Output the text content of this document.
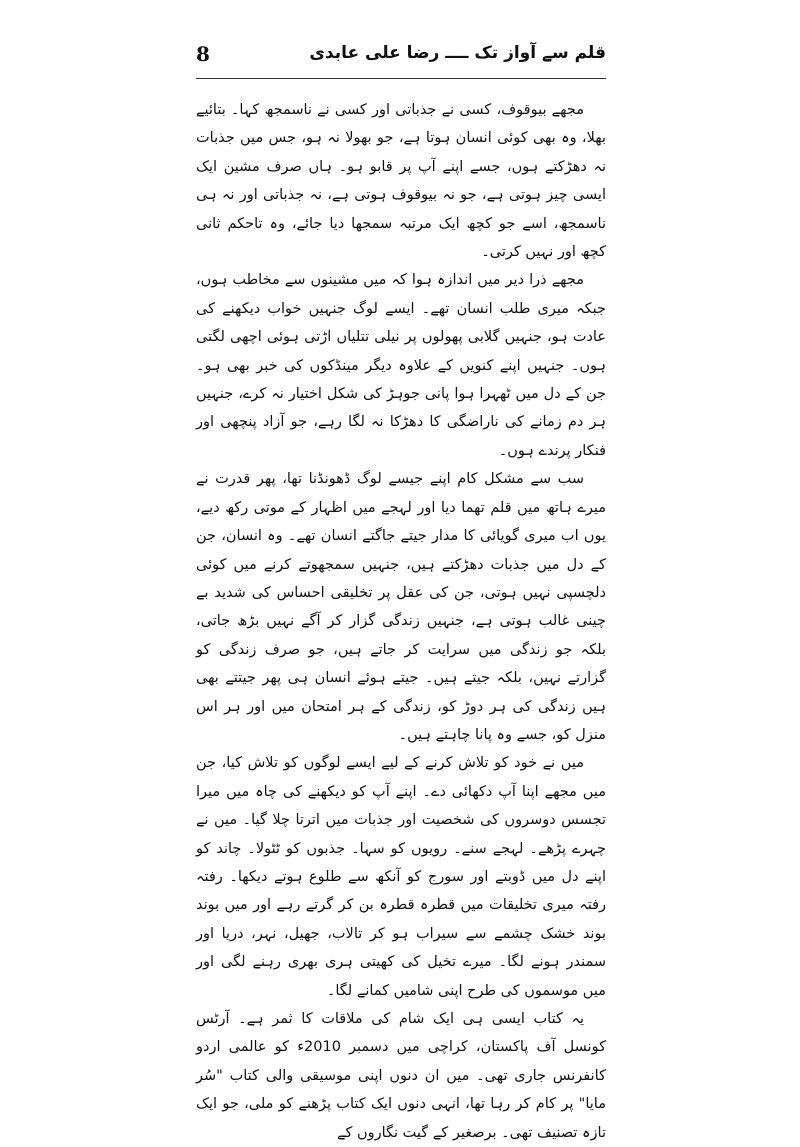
8	قلم سے آواز تک ــــ رضا علی عابدی

مجھے بیوقوف، کسی نے جذباتی اور کسی نے ناسمجھ کہا۔ بتائیے بھلا، وہ بھی کوئی انسان ہوتا ہے، جو بھولا نہ ہو، جس میں جذبات نہ دھڑکتے ہوں، جسے اپنے آپ پر قابو ہو۔ ہاں صرف مشین ایک ایسی چیز ہوتی ہے، جو نہ بیوقوف ہوتی ہے، نہ جذباتی اور نہ ہی ناسمجھ، اسے جو کچھ ایک مرتبہ سمجھا دیا جائے، وہ تاحکم ثانی کچھ اور نہیں کرتی۔

مجھے ذرا دیر میں اندازہ ہوا کہ میں مشینوں سے مخاطب ہوں، جبکہ میری طلب انسان تھے۔ ایسے لوگ جنہیں خواب دیکھنے کی عادت ہو، جنہیں گلابی پھولوں پر نیلی تتلیاں اڑتی ہوئی اچھی لگتی ہوں۔ جنہیں اپنے کنویں کے علاوہ دیگر مینڈکوں کی خبر بھی ہو۔ جن کے دل میں ٹھہرا ہوا پانی جوہڑ کی شکل اختیار نہ کرے، جنہیں ہر دم زمانے کی ناراضگی کا دھڑکا نہ لگا رہے، جو آزاد پنچھی اور فنکار پرندے ہوں۔

سب سے مشکل کام اپنے جیسے لوگ ڈھونڈنا تھا، پھر قدرت نے میرے ہاتھ میں قلم تھما دیا اور لہجے میں اظہار کے موتی رکھ دیے، یوں اب میری گویائی کا مدار جیتے جاگتے انسان تھے۔ وہ انسان، جن کے دل میں جذبات دھڑکتے ہیں، جنہیں سمجھوتے کرنے میں کوئی دلچسپی نہیں ہوتی، جن کی عقل پر تخلیقی احساس کی شدید بے چینی غالب ہوتی ہے، جنہیں زندگی گزار کر آگے نہیں بڑھ جاتی، بلکہ جو زندگی میں سرایت کر جاتے ہیں، جو صرف زندگی کو گزارتے نہیں، بلکہ جیتے ہیں۔ جیتے ہوئے انسان ہی پھر جیتتے بھی ہیں زندگی کی ہر دوڑ کو، زندگی کے ہر امتحان میں اور ہر اس منزل کو، جسے وہ پانا چاہتے ہیں۔

میں نے خود کو تلاش کرنے کے لیے ایسے لوگوں کو تلاش کیا، جن میں مجھے اپنا آپ دکھائی دے۔ اپنے آپ کو دیکھنے کی چاہ میں میرا تجسس دوسروں کی شخصیت اور جذبات میں اترتا چلا گیا۔ میں نے چہرے پڑھے۔ لہجے سنے۔ رویوں کو سہا۔ جذبوں کو ٹٹولا۔ چاند کو اپنے دل میں ڈوبتے اور سورج کو آنکھ سے طلوع ہوتے دیکھا۔ رفتہ رفتہ میری تخلیقات میں قطرہ قطرہ بن کر گرتے رہے اور میں بوند بوند خشک چشمے سے سیراب ہو کر تالاب، جھیل، نہر، دریا اور سمندر ہونے لگا۔ میرے تخیل کی کھیتی ہری بھری رہنے لگی اور میں موسموں کی طرح اپنی شامیں کمانے لگا۔

یہ کتاب ایسی ہی ایک شام کی ملاقات کا ثمر ہے۔ آرٹس کونسل آف پاکستان، کراچی میں دسمبر 2010ء کو عالمی اردو کانفرنس جاری تھی۔ میں ان دنوں اپنی موسیقی والی کتاب "سُر مایا" پر کام کر رہا تھا، انہی دنوں ایک کتاب پڑھنے کو ملی، جو ایک تازہ تصنیف تھی۔ برصغیر کے گیت نگاروں کے
